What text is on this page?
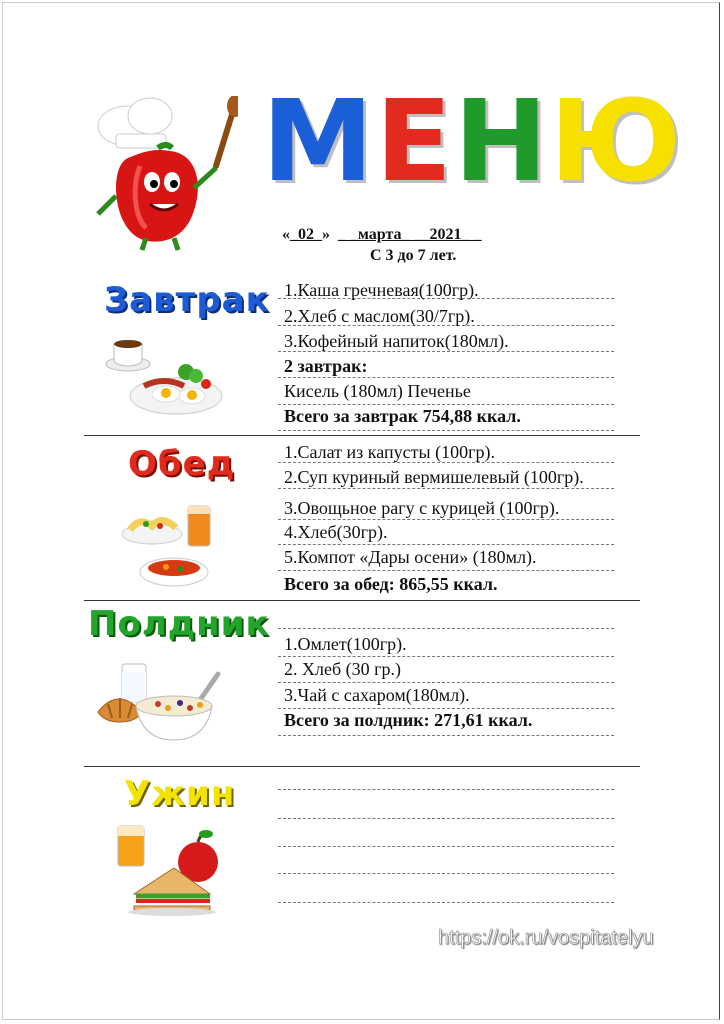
М Е Н Ю
«_02_» _ _марта_ __2021_ _
С 3 до 7 лет.
Завтрак 1.Каша гречневая(100гр).
2.Хлеб с маслом(30/7гр).
3.Кофейный напиток(180мл).
2 завтрак:
Кисель (180мл) Печенье
Всего за завтрак 754,88 ккал.
Обед	1.Салат из капусты (100гр).
2.Суп куриный вермишелевый (100гр).
3.Овощьное рагу с курицей (100гр).
4.Хлеб(30гр).
5.Компот «Дары осени» (180мл).
Всего за обед: 865,55 ккал.
Полдник 1.Омлет(100гр).
2. Хлеб (30 гр.)
3.Чай с сахаром(180мл).
Всего за полдник: 271,61 ккал.
Ужин
https://ok.ru/vospitatelyu
